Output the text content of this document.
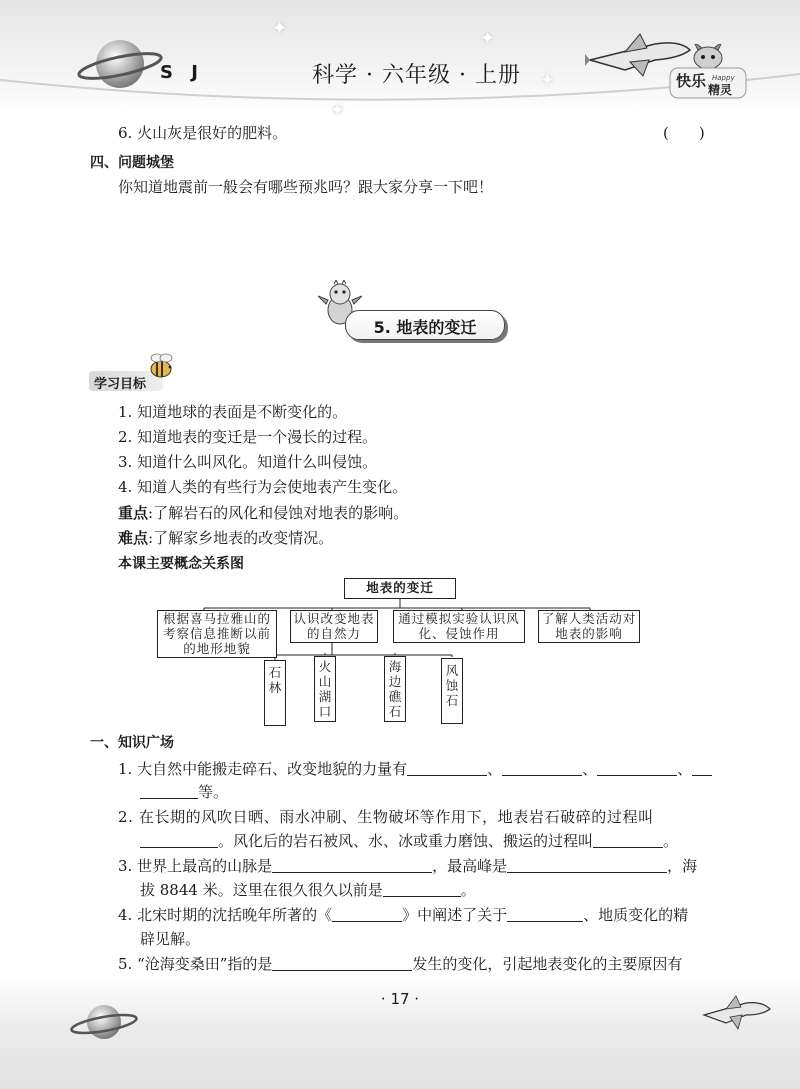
S J	科学 · 六年级 · 上册
✦	✦
✦
✦
快乐 Happy
精灵
6. 火山灰是很好的肥料。	(　　)
四、问题城堡
你知道地震前一般会有哪些预兆吗？跟大家分享一下吧！
5. 地表的变迁
学习目标
1. 知道地球的表面是不断变化的。
2. 知道地表的变迁是一个漫长的过程。
3. 知道什么叫风化。知道什么叫侵蚀。
4. 知道人类的有些行为会使地表产生变化。
重点:了解岩石的风化和侵蚀对地表的影响。
难点:了解家乡地表的改变情况。
本课主要概念关系图
地表的变迁
根据喜马拉雅山的考察信息推断以前的地形地貌
认识改变地表的自然力
通过模拟实验认识风化、侵蚀作用
了解人类活动对地表的影响
石林
火山湖口
海边礁石
风蚀石
一、知识广场
1. 大自然中能搬走碎石、改变地貌的力量有	、	、	、
等。
2. 在长期的风吹日晒、雨水冲刷、生物破坏等作用下，地表岩石破碎的过程叫
。风化后的岩石被风、水、冰或重力磨蚀、搬运的过程叫	。
3. 世界上最高的山脉是	，最高峰是	，海
拔 8844 米。这里在很久很久以前是	。
4. 北宋时期的沈括晚年所著的《	》中阐述了关于	、地质变化的精
辟见解。
5. “沧海变桑田”指的是	发生的变化，引起地表变化的主要原因有
· 17 ·
